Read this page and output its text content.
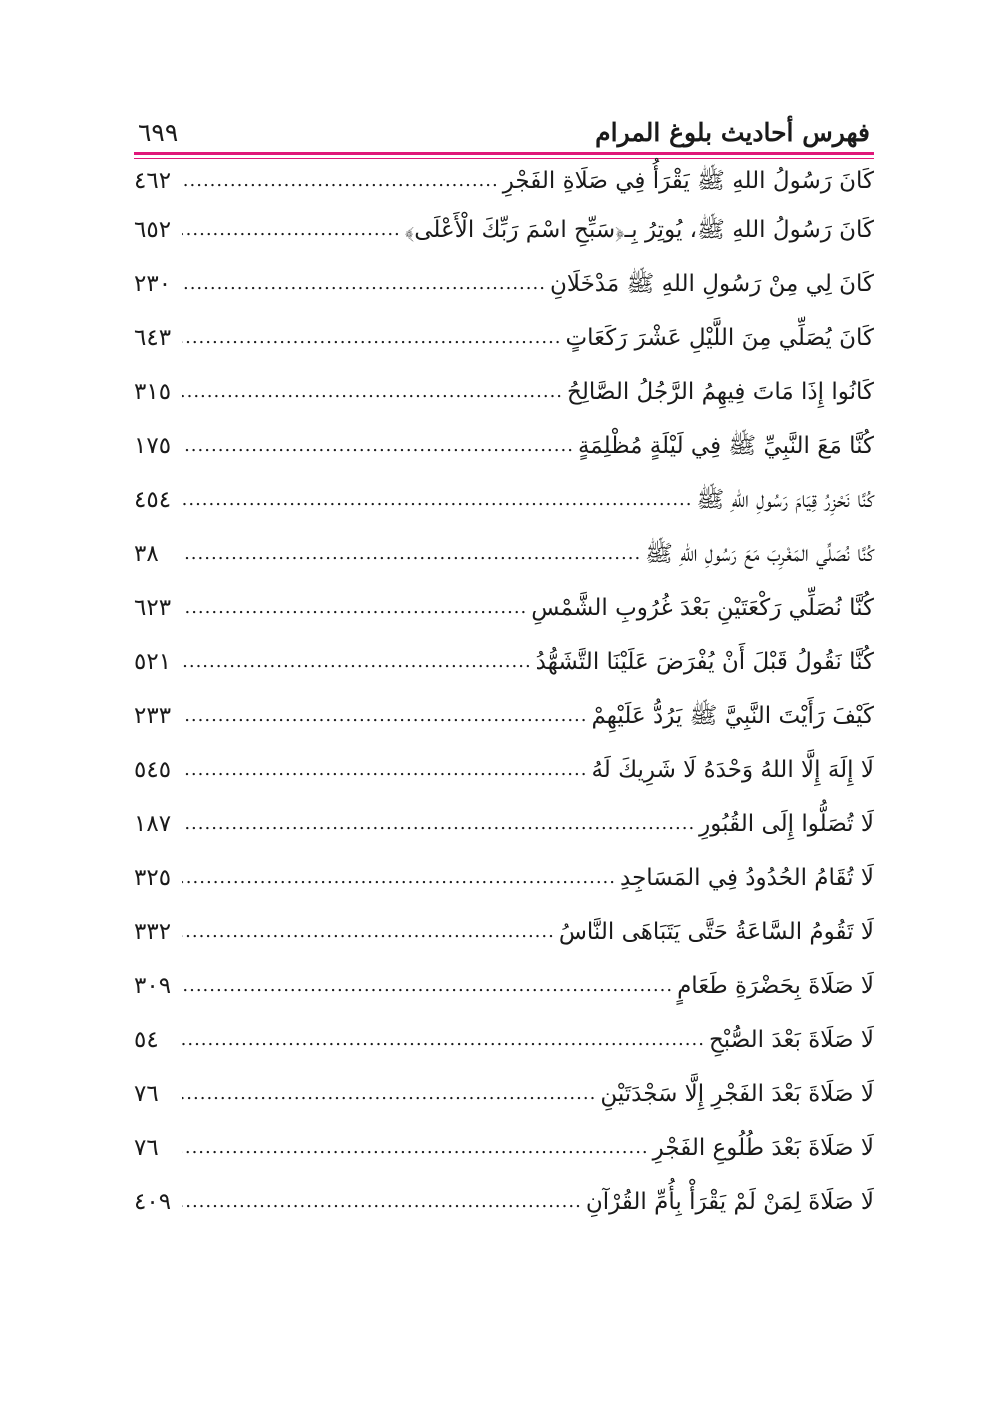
فهرس أحاديث بلوغ المرام
٦٩٩
كَانَ رَسُولُ اللهِ ﷺ يَقْرَأُ فِي صَلَاةِ الفَجْرِ
.....
٤٦٢
كَانَ رَسُولُ اللهِ ﷺ، يُوتِرُ بِـ﴿سَبِّحِ اسْمَ رَبِّكَ الْأَعْلَى﴾
.....
٦٥٢
كَانَ لِي مِنْ رَسُولِ اللهِ ﷺ مَدْخَلَانِ
.....
٢٣٠
كَانَ يُصَلِّي مِنَ اللَّيْلِ عَشْرَ رَكَعَاتٍ
.....
٦٤٣
كَانُوا إِذَا مَاتَ فِيهِمُ الرَّجُلُ الصَّالِحُ
.....
٣١٥
كُنَّا مَعَ النَّبِيِّ ﷺ فِي لَيْلَةٍ مُظْلِمَةٍ
.....
١٧٥
كُنَّا نَحْزِرُ قِيَامَ رَسُولِ اللهِ ﷺ
.....
٤٥٤
كُنَّا نُصَلِّي المَغْرِبَ مَعَ رَسُولِ اللهِ ﷺ
.....
٣٨
كُنَّا نُصَلِّي رَكْعَتَيْنِ بَعْدَ غُرُوبِ الشَّمْسِ
.....
٦٢٣
كُنَّا نَقُولُ قَبْلَ أَنْ يُفْرَضَ عَلَيْنَا التَّشَهُّدُ
.....
٥٢١
كَيْفَ رَأَيْتَ النَّبِيَّ ﷺ يَرُدُّ عَلَيْهِمْ
.....
٢٣٣
لَا إِلَهَ إِلَّا اللهُ وَحْدَهُ لَا شَرِيكَ لَهُ
.....
٥٤٥
لَا تُصَلُّوا إِلَى القُبُورِ
.....
١٨٧
لَا تُقَامُ الحُدُودُ فِي المَسَاجِدِ
.....
٣٢٥
لَا تَقُومُ السَّاعَةُ حَتَّى يَتَبَاهَى النَّاسُ
.....
٣٣٢
لَا صَلَاةَ بِحَضْرَةِ طَعَامٍ
.....
٣٠٩
لَا صَلَاةَ بَعْدَ الصُّبْحِ
.....
٥٤
لَا صَلَاةَ بَعْدَ الفَجْرِ إِلَّا سَجْدَتَيْنِ
.....
٧٦
لَا صَلَاةَ بَعْدَ طُلُوعِ الفَجْرِ
.....
٧٦
لَا صَلَاةَ لِمَنْ لَمْ يَقْرَأْ بِأُمِّ القُرْآنِ
.....
٤٠٩
